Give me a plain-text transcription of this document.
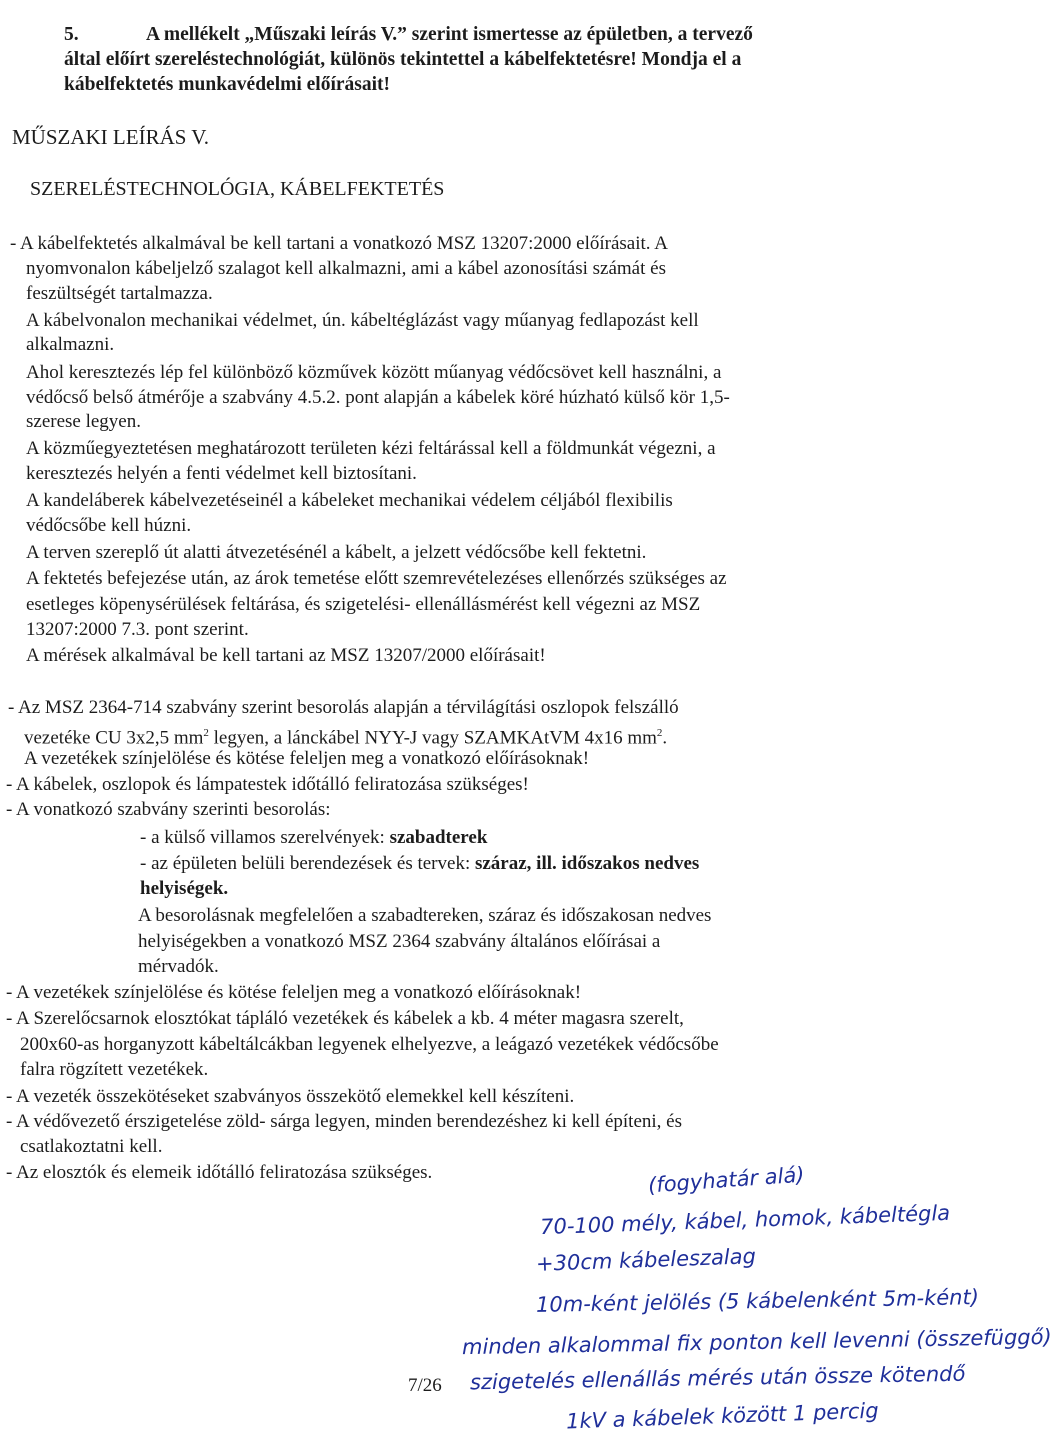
5.	A mellékelt „Műszaki leírás V.” szerint ismertesse az épületben, a tervező
által előírt szereléstechnológiát, különös tekintettel a kábelfektetésre! Mondja el a
kábelfektetés munkavédelmi előírásait!
MŰSZAKI LEÍRÁS V.
SZERELÉSTECHNOLÓGIA, KÁBELFEKTETÉS
- A kábelfektetés alkalmával be kell tartani a vonatkozó MSZ 13207:2000 előírásait. A
nyomvonalon kábeljelző szalagot kell alkalmazni, ami a kábel azonosítási számát és
feszültségét tartalmazza.
A kábelvonalon mechanikai védelmet, ún. kábeltéglázást vagy műanyag fedlapozást kell
alkalmazni.
Ahol keresztezés lép fel különböző közművek között műanyag védőcsövet kell használni, a
védőcső belső átmérője a szabvány 4.5.2. pont alapján a kábelek köré húzható külső kör 1,5-
szerese legyen.
A közműegyeztetésen meghatározott területen kézi feltárással kell a földmunkát végezni, a
keresztezés helyén a fenti védelmet kell biztosítani.
A kandeláberek kábelvezetéseinél a kábeleket mechanikai védelem céljából flexibilis
védőcsőbe kell húzni.
A terven szereplő út alatti átvezetésénél a kábelt, a jelzett védőcsőbe kell fektetni.
A fektetés befejezése után, az árok temetése előtt szemrevételezéses ellenőrzés szükséges az
esetleges köpenysérülések feltárása, és szigetelési- ellenállásmérést kell végezni az MSZ
13207:2000 7.3. pont szerint.
A mérések alkalmával be kell tartani az MSZ 13207/2000 előírásait!
- Az MSZ 2364-714 szabvány szerint besorolás alapján a térvilágítási oszlopok felszálló
vezetéke CU 3x2,5 $mm^2$ legyen, a lánckábel NYY-J vagy SZAMKAtVM 4x16 $mm^2$.
A vezetékek színjelölése és kötése feleljen meg a vonatkozó előírásoknak!
- A kábelek, oszlopok és lámpatestek időtálló feliratozása szükséges!
- A vonatkozó szabvány szerinti besorolás:
- a külső villamos szerelvények: szabadterek
- az épületen belüli berendezések és tervek: száraz, ill. időszakos nedves
helyiségek.
A besorolásnak megfelelően a szabadtereken, száraz és időszakosan nedves
helyiségekben a vonatkozó MSZ 2364 szabvány általános előírásai a
mérvadók.
- A vezetékek színjelölése és kötése feleljen meg a vonatkozó előírásoknak!
- A Szerelőcsarnok elosztókat tápláló vezetékek és kábelek a kb. 4 méter magasra szerelt,
200x60-as horganyzott kábeltálcákban legyenek elhelyezve, a leágazó vezetékek védőcsőbe
falra rögzített vezetékek.
- A vezeték összekötéseket szabványos összekötő elemekkel kell készíteni.
- A védővezető érszigetelése zöld- sárga legyen, minden berendezéshez ki kell építeni, és
csatlakoztatni kell.
- Az elosztók és elemeik időtálló feliratozása szükséges.	(fogyhatár alá)
70-100 mély, kábel, homok, kábeltégla
+30cm kábeleszalag
10m-ként jelölés (5 kábelenként 5m-ként)
minden alkalommal fix ponton kell levenni (összefüggő)
szigetelés ellenállás mérés után össze kötendő
1kV a kábelek között 1 percig
7/26
